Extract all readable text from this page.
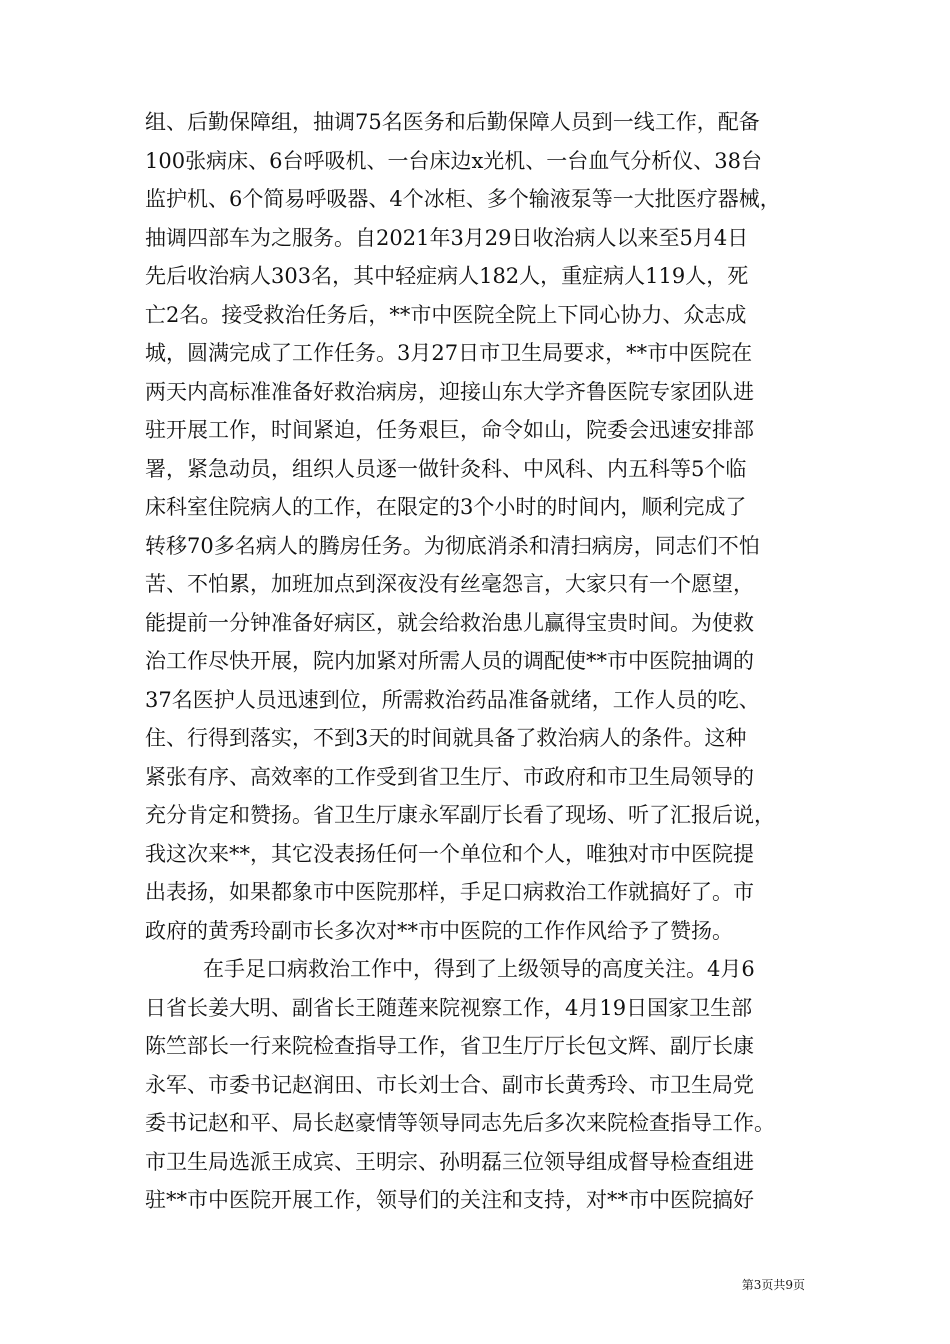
组、后勤保障组，抽调75名医务和后勤保障人员到一线工作，配备
100张病床、6台呼吸机、一台床边x光机、一台血气分析仪、38台
监护机、6个简易呼吸器、4个冰柜、多个输液泵等一大批医疗器械，
抽调四部车为之服务。自2021年3月29日收治病人以来至5月4日
先后收治病人303名，其中轻症病人182人，重症病人119人，死
亡2名。接受救治任务后，**市中医院全院上下同心协力、众志成
城，圆满完成了工作任务。3月27日市卫生局要求，**市中医院在
两天内高标准准备好救治病房，迎接山东大学齐鲁医院专家团队进
驻开展工作，时间紧迫，任务艰巨，命令如山，院委会迅速安排部
署，紧急动员，组织人员逐一做针灸科、中风科、内五科等5个临
床科室住院病人的工作，在限定的3个小时的时间内，顺利完成了
转移70多名病人的腾房任务。为彻底消杀和清扫病房，同志们不怕
苦、不怕累，加班加点到深夜没有丝毫怨言，大家只有一个愿望，
能提前一分钟准备好病区，就会给救治患儿赢得宝贵时间。为使救
治工作尽快开展，院内加紧对所需人员的调配使**市中医院抽调的
37名医护人员迅速到位，所需救治药品准备就绪，工作人员的吃、
住、行得到落实，不到3天的时间就具备了救治病人的条件。这种
紧张有序、高效率的工作受到省卫生厅、市政府和市卫生局领导的
充分肯定和赞扬。省卫生厅康永军副厅长看了现场、听了汇报后说，
我这次来**，其它没表扬任何一个单位和个人，唯独对市中医院提
出表扬，如果都象市中医院那样，手足口病救治工作就搞好了。市
政府的黄秀玲副市长多次对**市中医院的工作作风给予了赞扬。
在手足口病救治工作中，得到了上级领导的高度关注。4月6
日省长姜大明、副省长王随莲来院视察工作，4月19日国家卫生部
陈竺部长一行来院检查指导工作，省卫生厅厅长包文辉、副厅长康
永军、市委书记赵润田、市长刘士合、副市长黄秀玲、市卫生局党
委书记赵和平、局长赵豪情等领导同志先后多次来院检查指导工作。
市卫生局选派王成宾、王明宗、孙明磊三位领导组成督导检查组进
驻**市中医院开展工作，领导们的关注和支持，对**市中医院搞好
第3页共9页
